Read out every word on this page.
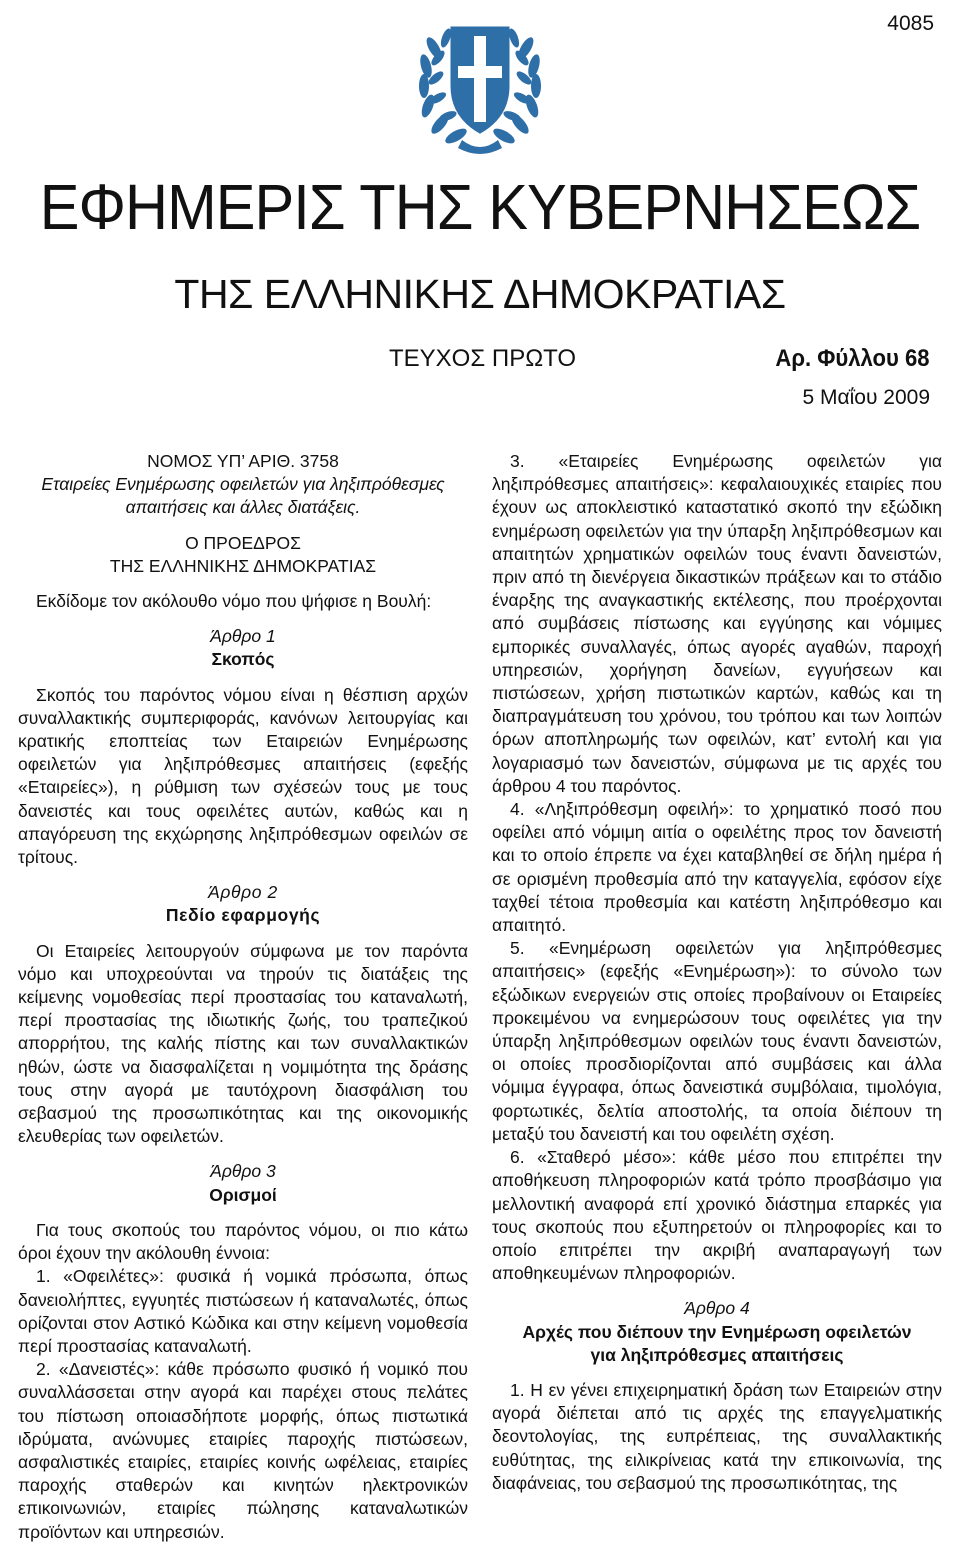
4085
ΕΦΗΜΕΡΙΣ ΤΗΣ ΚΥΒΕΡΝΗΣΕΩΣ
ΤΗΣ ΕΛΛΗΝΙΚΗΣ ΔΗΜΟΚΡΑΤΙΑΣ
ΤΕΥΧΟΣ ΠΡΩΤΟ	Αρ. Φύλλου 68
5 Μαΐου 2009
ΝΟΜΟΣ ΥΠ’ ΑΡΙΘ. 3758
Εταιρείες Ενημέρωσης οφειλετών για ληξιπρόθεσμες
απαιτήσεις και άλλες διατάξεις.
Ο ΠΡΟΕΔΡΟΣ
ΤΗΣ ΕΛΛΗΝΙΚΗΣ ΔΗΜΟΚΡΑΤΙΑΣ
Εκδίδομε τον ακόλουθο νόμο που ψήφισε η Βουλή:
Άρθρο 1
Σκοπός
Σκοπός του παρόντος νόμου είναι η θέσπιση αρχών συναλλακτικής συμπεριφοράς, κανόνων λειτουργίας και κρατικής εποπτείας των Εταιρειών Ενημέρωσης οφειλετών για ληξιπρόθεσμες απαιτήσεις (εφεξής «Εταιρείες»), η ρύθμιση των σχέσεών τους με τους δανειστές και τους οφειλέτες αυτών, καθώς και η απαγόρευση της εκχώρησης ληξιπρόθεσμων οφειλών σε τρίτους.
Άρθρο 2
Πεδίο εφαρμογής
Οι Εταιρείες λειτουργούν σύμφωνα με τον παρόντα νόμο και υποχρεούνται να τηρούν τις διατάξεις της κείμενης νομοθεσίας περί προστασίας του καταναλωτή, περί προστασίας της ιδιωτικής ζωής, του τραπεζικού απορρήτου, της καλής πίστης και των συναλλακτικών ηθών, ώστε να διασφαλίζεται η νομιμότητα της δράσης τους στην αγορά με ταυτόχρονη διασφάλιση του σεβασμού της προσωπικότητας και της οικονομικής ελευθερίας των οφειλετών.
Άρθρο 3
Ορισμοί
Για τους σκοπούς του παρόντος νόμου, οι πιο κάτω όροι έχουν την ακόλουθη έννοια:
1. «Οφειλέτες»: φυσικά ή νομικά πρόσωπα, όπως δανειολήπτες, εγγυητές πιστώσεων ή καταναλωτές, όπως ορίζονται στον Αστικό Κώδικα και στην κείμενη νομοθεσία περί προστασίας καταναλωτή.
2. «Δανειστές»: κάθε πρόσωπο φυσικό ή νομικό που συναλλάσσεται στην αγορά και παρέχει στους πελάτες του πίστωση οποιασδήποτε μορφής, όπως πιστωτικά ιδρύματα, ανώνυμες εταιρίες παροχής πιστώσεων, ασφαλιστικές εταιρίες, εταιρίες κοινής ωφέλειας, εταιρίες παροχής σταθερών και κινητών ηλεκτρονικών επικοινωνιών, εταιρίες πώλησης καταναλωτικών προϊόντων και υπηρεσιών.
3. «Εταιρείες Ενημέρωσης οφειλετών για ληξιπρόθεσμες απαιτήσεις»: κεφαλαιουχικές εταιρίες που έχουν ως αποκλειστικό καταστατικό σκοπό την εξώδικη ενημέρωση οφειλετών για την ύπαρξη ληξιπρόθεσμων και απαιτητών χρηματικών οφειλών τους έναντι δανειστών, πριν από τη διενέργεια δικαστικών πράξεων και το στάδιο έναρξης της αναγκαστικής εκτέλεσης, που προέρχονται από συμβάσεις πίστωσης και εγγύησης και νόμιμες εμπορικές συναλλαγές, όπως αγορές αγαθών, παροχή υπηρεσιών, χορήγηση δανείων, εγγυήσεων και πιστώσεων, χρήση πιστωτικών καρτών, καθώς και τη διαπραγμάτευση του χρόνου, του τρόπου και των λοιπών όρων αποπληρωμής των οφειλών, κατ’ εντολή και για λογαριασμό των δανειστών, σύμφωνα με τις αρχές του άρθρου 4 του παρόντος.
4. «Ληξιπρόθεσμη οφειλή»: το χρηματικό ποσό που οφείλει από νόμιμη αιτία ο οφειλέτης προς τον δανειστή και το οποίο έπρεπε να έχει καταβληθεί σε δήλη ημέρα ή σε ορισμένη προθεσμία από την καταγγελία, εφόσον είχε ταχθεί τέτοια προθεσμία και κατέστη ληξιπρόθεσμο και απαιτητό.
5. «Ενημέρωση οφειλετών για ληξιπρόθεσμες απαιτήσεις» (εφεξής «Ενημέρωση»): το σύνολο των εξώδικων ενεργειών στις οποίες προβαίνουν οι Εταιρείες προκειμένου να ενημερώσουν τους οφειλέτες για την ύπαρξη ληξιπρόθεσμων οφειλών τους έναντι δανειστών, οι οποίες προσδιορίζονται από συμβάσεις και άλλα νόμιμα έγγραφα, όπως δανειστικά συμβόλαια, τιμολόγια, φορτωτικές, δελτία αποστολής, τα οποία διέπουν τη μεταξύ του δανειστή και του οφειλέτη σχέση.
6. «Σταθερό μέσο»: κάθε μέσο που επιτρέπει την αποθήκευση πληροφοριών κατά τρόπο προσβάσιμο για μελλοντική αναφορά επί χρονικό διάστημα επαρκές για τους σκοπούς που εξυπηρετούν οι πληροφορίες και το οποίο επιτρέπει την ακριβή αναπαραγωγή των αποθηκευμένων πληροφοριών.
Άρθρο 4
Αρχές που διέπουν την Ενημέρωση οφειλετών
για ληξιπρόθεσμες απαιτήσεις
1. Η εν γένει επιχειρηματική δράση των Εταιρειών στην αγορά διέπεται από τις αρχές της επαγγελματικής δεοντολογίας, της ευπρέπειας, της συναλλακτικής ευθύτητας, της ειλικρίνειας κατά την επικοινωνία, της διαφάνειας, του σεβασμού της προσωπικότητας, της
